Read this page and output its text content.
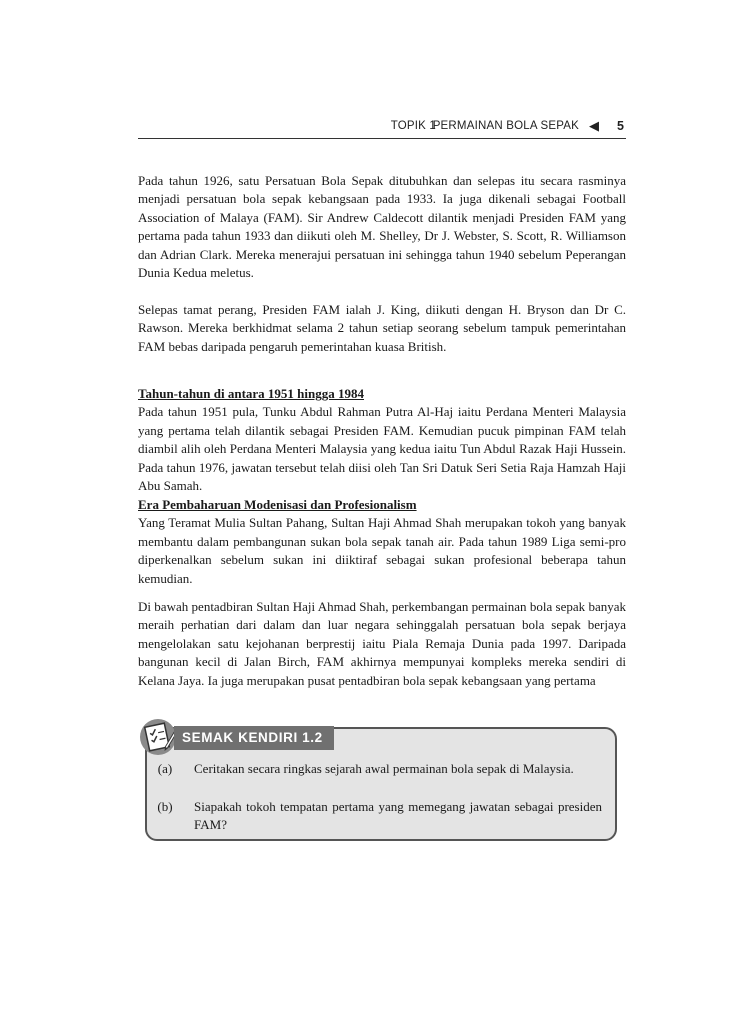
TOPIK 1
PERMAINAN BOLA SEPAK ◀ 5

Pada tahun 1926, satu Persatuan Bola Sepak ditubuhkan dan selepas itu secara rasminya menjadi persatuan bola sepak kebangsaan pada 1933. Ia juga dikenali sebagai Football Association of Malaya (FAM). Sir Andrew Caldecott dilantik menjadi Presiden FAM yang pertama pada tahun 1933 dan diikuti oleh M. Shelley, Dr J. Webster, S. Scott, R. Williamson dan Adrian Clark. Mereka menerajui persatuan ini sehingga tahun 1940 sebelum Peperangan Dunia Kedua meletus.

Selepas tamat perang, Presiden FAM ialah J. King, diikuti dengan H. Bryson dan Dr C. Rawson. Mereka berkhidmat selama 2 tahun setiap seorang sebelum tampuk pemerintahan FAM bebas daripada pengaruh pemerintahan kuasa British.

Tahun-tahun di antara 1951 hingga 1984
Pada tahun 1951 pula, Tunku Abdul Rahman Putra Al-Haj iaitu Perdana Menteri Malaysia yang pertama telah dilantik sebagai Presiden FAM. Kemudian pucuk pimpinan FAM telah diambil alih oleh Perdana Menteri Malaysia yang kedua iaitu Tun Abdul Razak Haji Hussein. Pada tahun 1976, jawatan tersebut telah diisi oleh Tan Sri Datuk Seri Setia Raja Hamzah Haji Abu Samah.
Era Pembaharuan Modenisasi dan Profesionalism
Yang Teramat Mulia Sultan Pahang, Sultan Haji Ahmad Shah merupakan tokoh yang banyak membantu dalam pembangunan sukan bola sepak tanah air. Pada tahun 1989 Liga semi-pro diperkenalkan sebelum sukan ini diiktiraf sebagai sukan profesional beberapa tahun kemudian.

Di bawah pentadbiran Sultan Haji Ahmad Shah, perkembangan permainan bola sepak banyak meraih perhatian dari dalam dan luar negara sehinggalah persatuan bola sepak berjaya mengelolakan satu kejohanan berprestij iaitu Piala Remaja Dunia pada 1997. Daripada bangunan kecil di Jalan Birch, FAM akhirnya mempunyai kompleks mereka sendiri di Kelana Jaya. Ia juga merupakan pusat pentadbiran bola sepak kebangsaan yang pertama

SEMAK KENDIRI 1.2
(a)	Ceritakan secara ringkas sejarah awal permainan bola sepak di Malaysia.
(b)	Siapakah tokoh tempatan pertama yang memegang jawatan sebagai presiden FAM?
